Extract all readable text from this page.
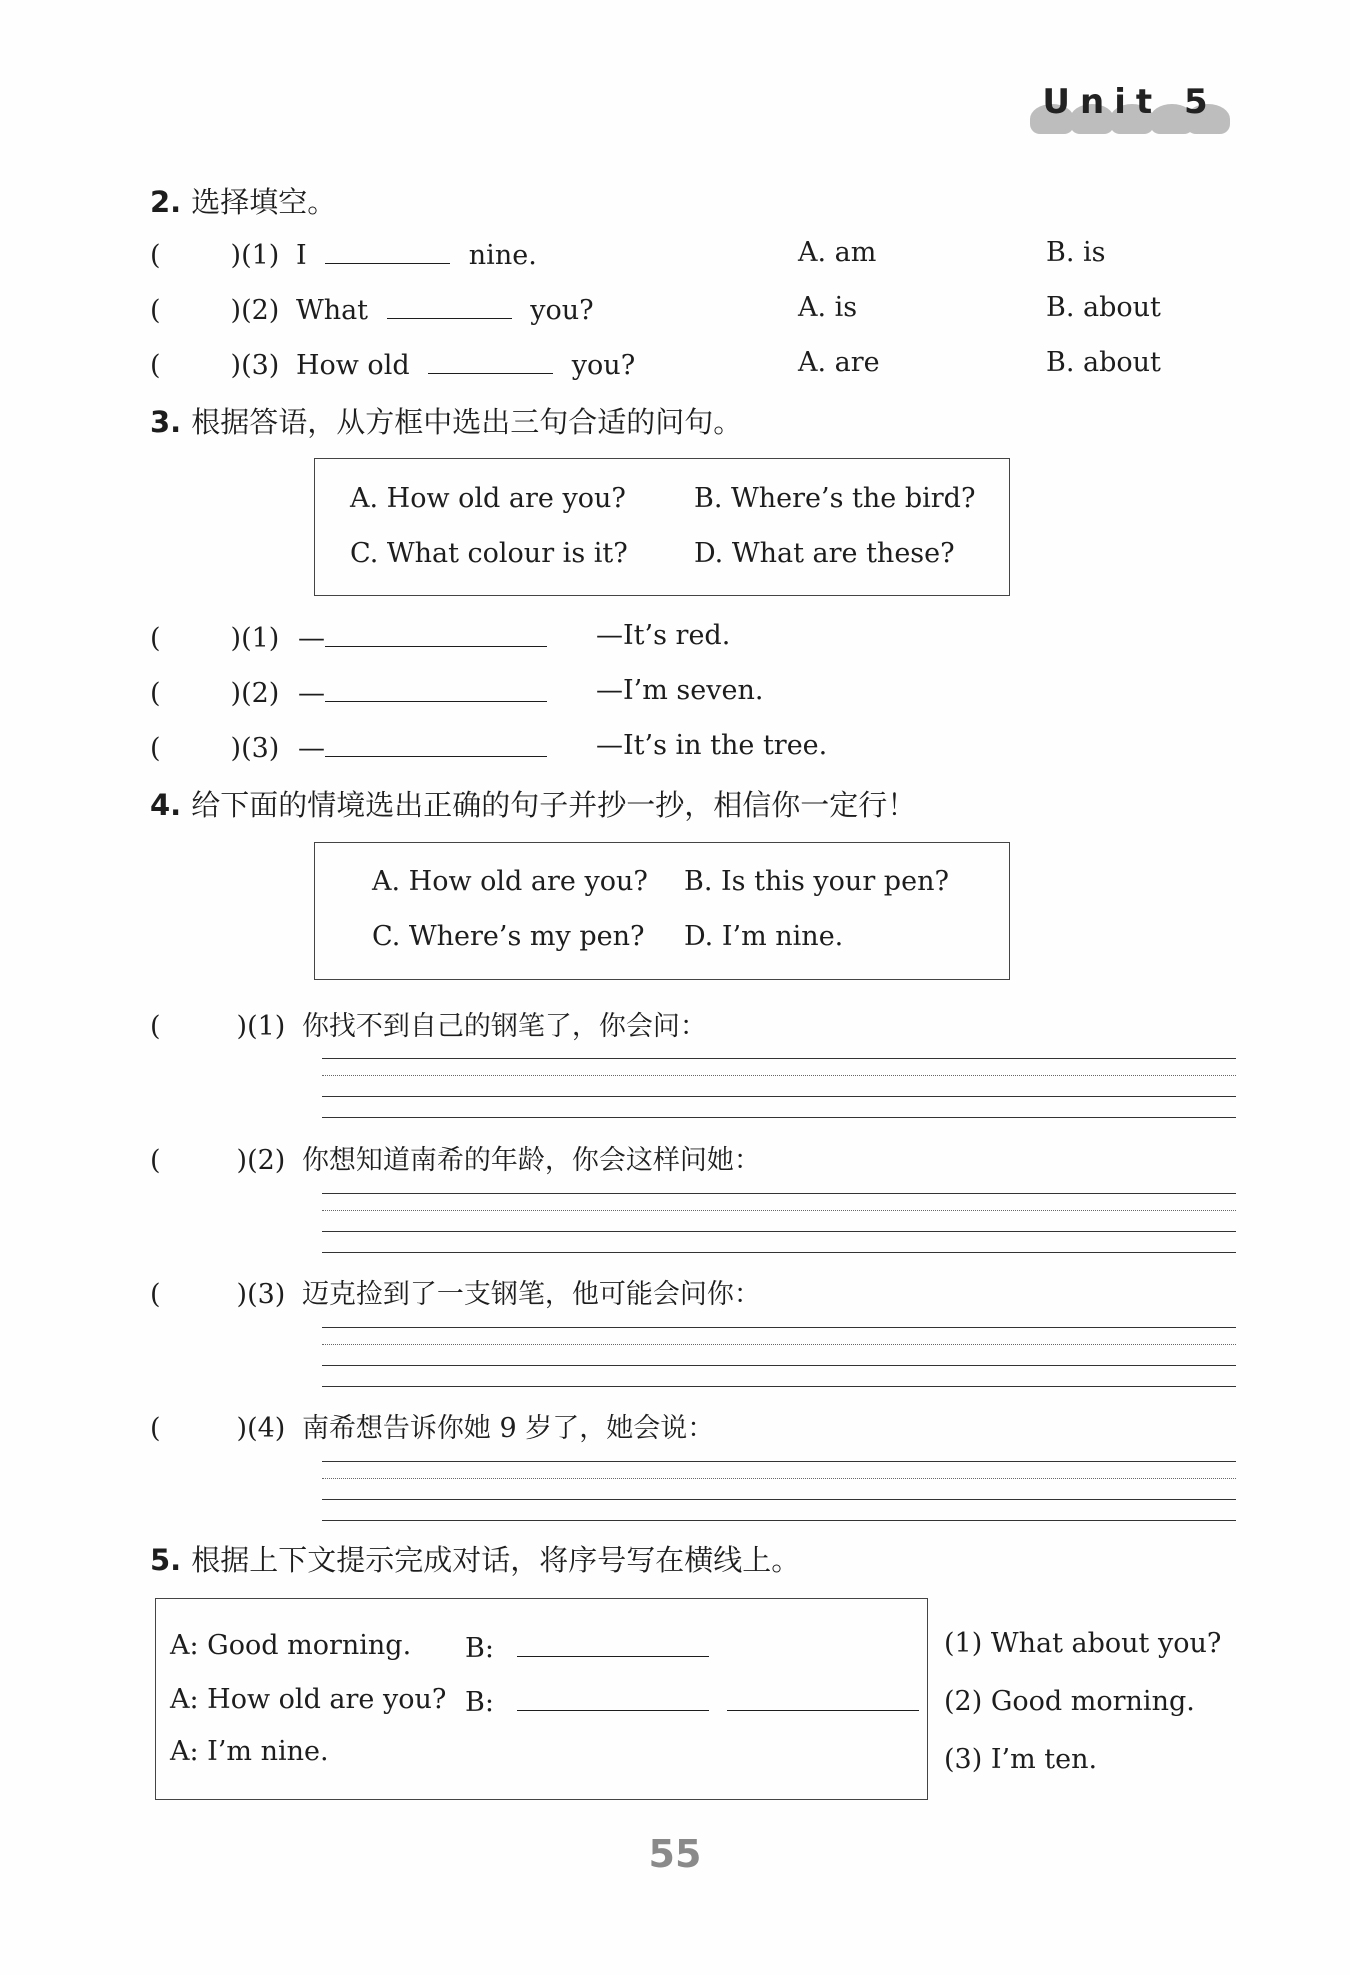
Unit 5
2. 选择填空。
(	)(1) I	nine.	A. am	B. is
(	)(2) What	you?	A. is	B. about
(	)(3) How old	you?	A. are	B. about
3. 根据答语，从方框中选出三句合适的问句。
A. How old are you?	B. Where’s the bird?
C. What colour is it? D. What are these?
(	)(1) —	—It’s red.
(	)(2) —	—I’m seven.
(	)(3) —	—It’s in the tree.
4. 给下面的情境选出正确的句子并抄一抄，相信你一定行！
A. How old are you? B. Is this your pen?
C. Where’s my pen? D. I’m nine.
(	)(1) 你找不到自己的钢笔了，你会问：
(	)(2) 你想知道南希的年龄，你会这样问她：
(	)(3) 迈克捡到了一支钢笔，他可能会问你：
(	)(4) 南希想告诉你她 9 岁了，她会说：
5. 根据上下文提示完成对话，将序号写在横线上。
A: Good morning. B:
A: How old are you? B:
A: I’m nine.
(1) What about you?
(2) Good morning.
(3) I’m ten.
55
